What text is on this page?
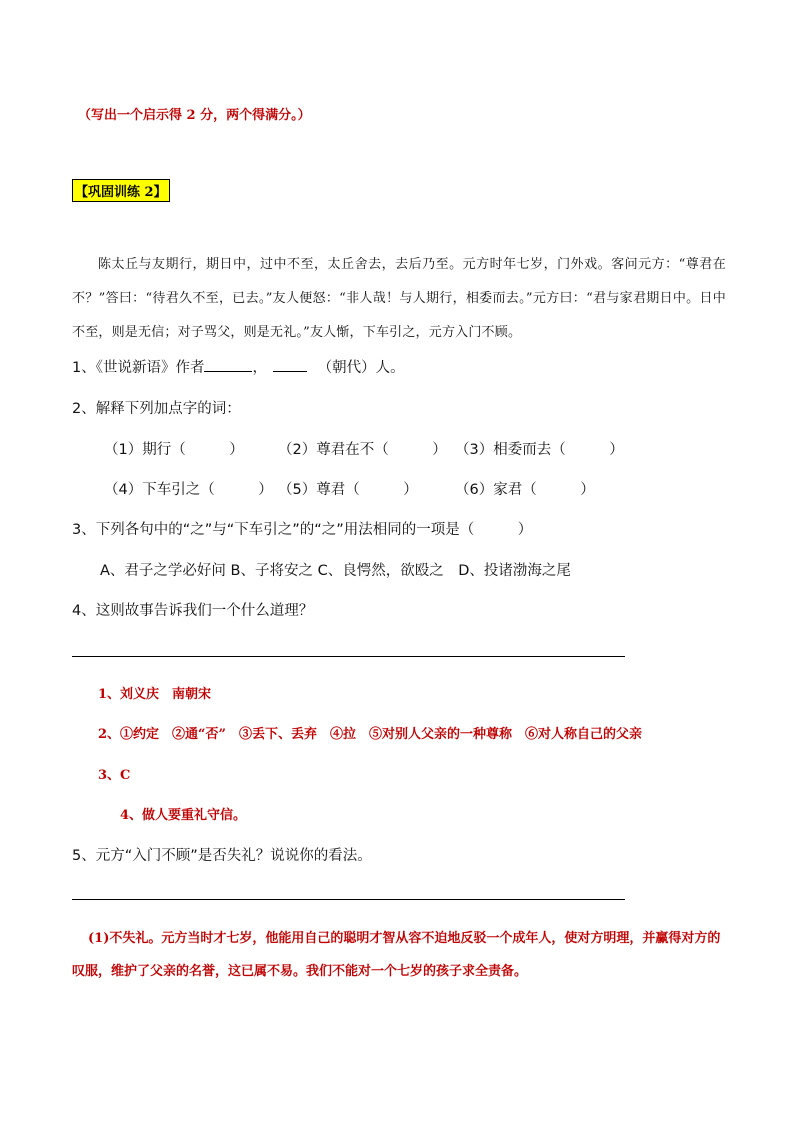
（写出一个启示得 2 分，两个得满分。）
【巩固训练 2】
陈太丘与友期行，期日中，过中不至，太丘舍去，去后乃至。元方时年七岁，门外戏。客问元方：“尊君在不？”答曰：“待君久不至，已去。”友人便怒：“非人哉！与人期行，相委而去。”元方曰：“君与家君期日中。日中不至，则是无信；对子骂父，则是无礼。”友人惭，下车引之，元方入门不顾。
1、《世说新语》作者	，	（朝代）人。
2、解释下列加点字的词：
（1）期行（　　　） （2）尊君在不（　　　） （3）相委而去（　　　）
（4）下车引之（　　　） （5）尊君（　　　）	（6）家君（　　　）
3、下列各句中的“之”与“下车引之”的“之”用法相同的一项是（　　　）
A、君子之学必好问 B、子将安之 C、良愕然，欲殴之　D、投诸渤海之尾
4、这则故事告诉我们一个什么道理？
1、刘义庆　南朝宋
2、①约定　②通“否”　③丢下、丢弃　④拉　⑤对别人父亲的一种尊称　⑥对人称自己的父亲
3、C
4、做人要重礼守信。
5、元方“入门不顾”是否失礼？说说你的看法。
(1)不失礼。元方当时才七岁，他能用自己的聪明才智从容不迫地反驳一个成年人，使对方明理，并赢得对方的叹服，维护了父亲的名誉，这已属不易。我们不能对一个七岁的孩子求全责备。
